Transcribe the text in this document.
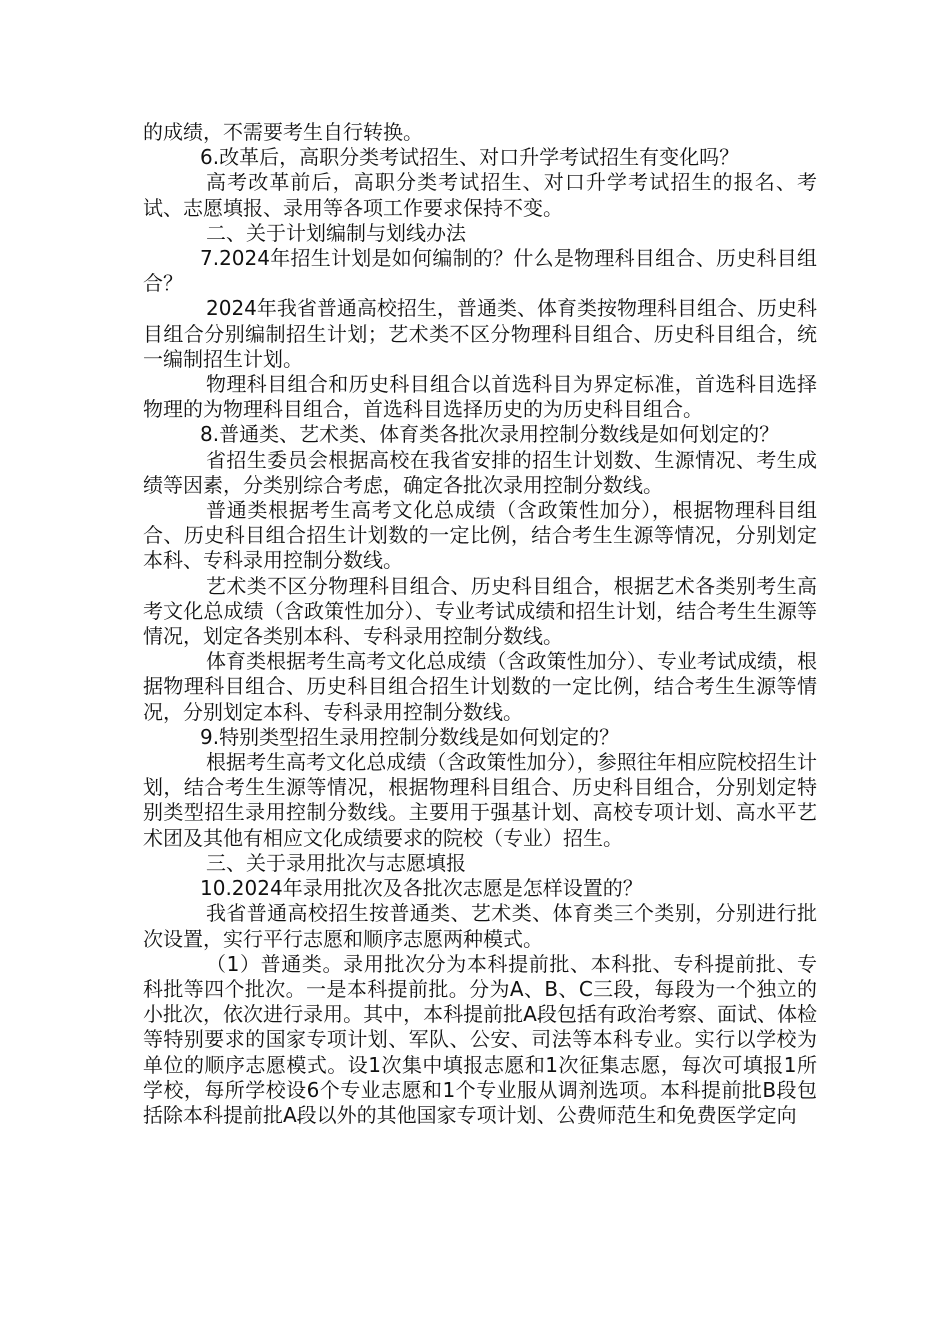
的成绩，不需要考生自行转换。

6.改革后，高职分类考试招生、对口升学考试招生有变化吗？

高考改革前后，高职分类考试招生、对口升学考试招生的报名、考试、志愿填报、录用等各项工作要求保持不变。

二、关于计划编制与划线办法

7.2024年招生计划是如何编制的？什么是物理科目组合、历史科目组合？

2024年我省普通高校招生，普通类、体育类按物理科目组合、历史科目组合分别编制招生计划；艺术类不区分物理科目组合、历史科目组合，统一编制招生计划。

物理科目组合和历史科目组合以首选科目为界定标准，首选科目选择物理的为物理科目组合，首选科目选择历史的为历史科目组合。

8.普通类、艺术类、体育类各批次录用控制分数线是如何划定的？

省招生委员会根据高校在我省安排的招生计划数、生源情况、考生成绩等因素，分类别综合考虑，确定各批次录用控制分数线。

普通类根据考生高考文化总成绩（含政策性加分），根据物理科目组合、历史科目组合招生计划数的一定比例，结合考生生源等情况，分别划定本科、专科录用控制分数线。

艺术类不区分物理科目组合、历史科目组合，根据艺术各类别考生高考文化总成绩（含政策性加分）、专业考试成绩和招生计划，结合考生生源等情况，划定各类别本科、专科录用控制分数线。

体育类根据考生高考文化总成绩（含政策性加分）、专业考试成绩，根据物理科目组合、历史科目组合招生计划数的一定比例，结合考生生源等情况，分别划定本科、专科录用控制分数线。

9.特别类型招生录用控制分数线是如何划定的？

根据考生高考文化总成绩（含政策性加分），参照往年相应院校招生计划，结合考生生源等情况，根据物理科目组合、历史科目组合，分别划定特别类型招生录用控制分数线。主要用于强基计划、高校专项计划、高水平艺术团及其他有相应文化成绩要求的院校（专业）招生。

三、关于录用批次与志愿填报

10.2024年录用批次及各批次志愿是怎样设置的？

我省普通高校招生按普通类、艺术类、体育类三个类别，分别进行批次设置，实行平行志愿和顺序志愿两种模式。

（1）普通类。录用批次分为本科提前批、本科批、专科提前批、专科批等四个批次。一是本科提前批。分为A、B、C三段，每段为一个独立的小批次，依次进行录用。其中，本科提前批A段包括有政治考察、面试、体检等特别要求的国家专项计划、军队、公安、司法等本科专业。实行以学校为单位的顺序志愿模式。设1次集中填报志愿和1次征集志愿，每次可填报1所学校，每所学校设6个专业志愿和1个专业服从调剂选项。本科提前批B段包括除本科提前批A段以外的其他国家专项计划、公费师范生和免费医学定向
